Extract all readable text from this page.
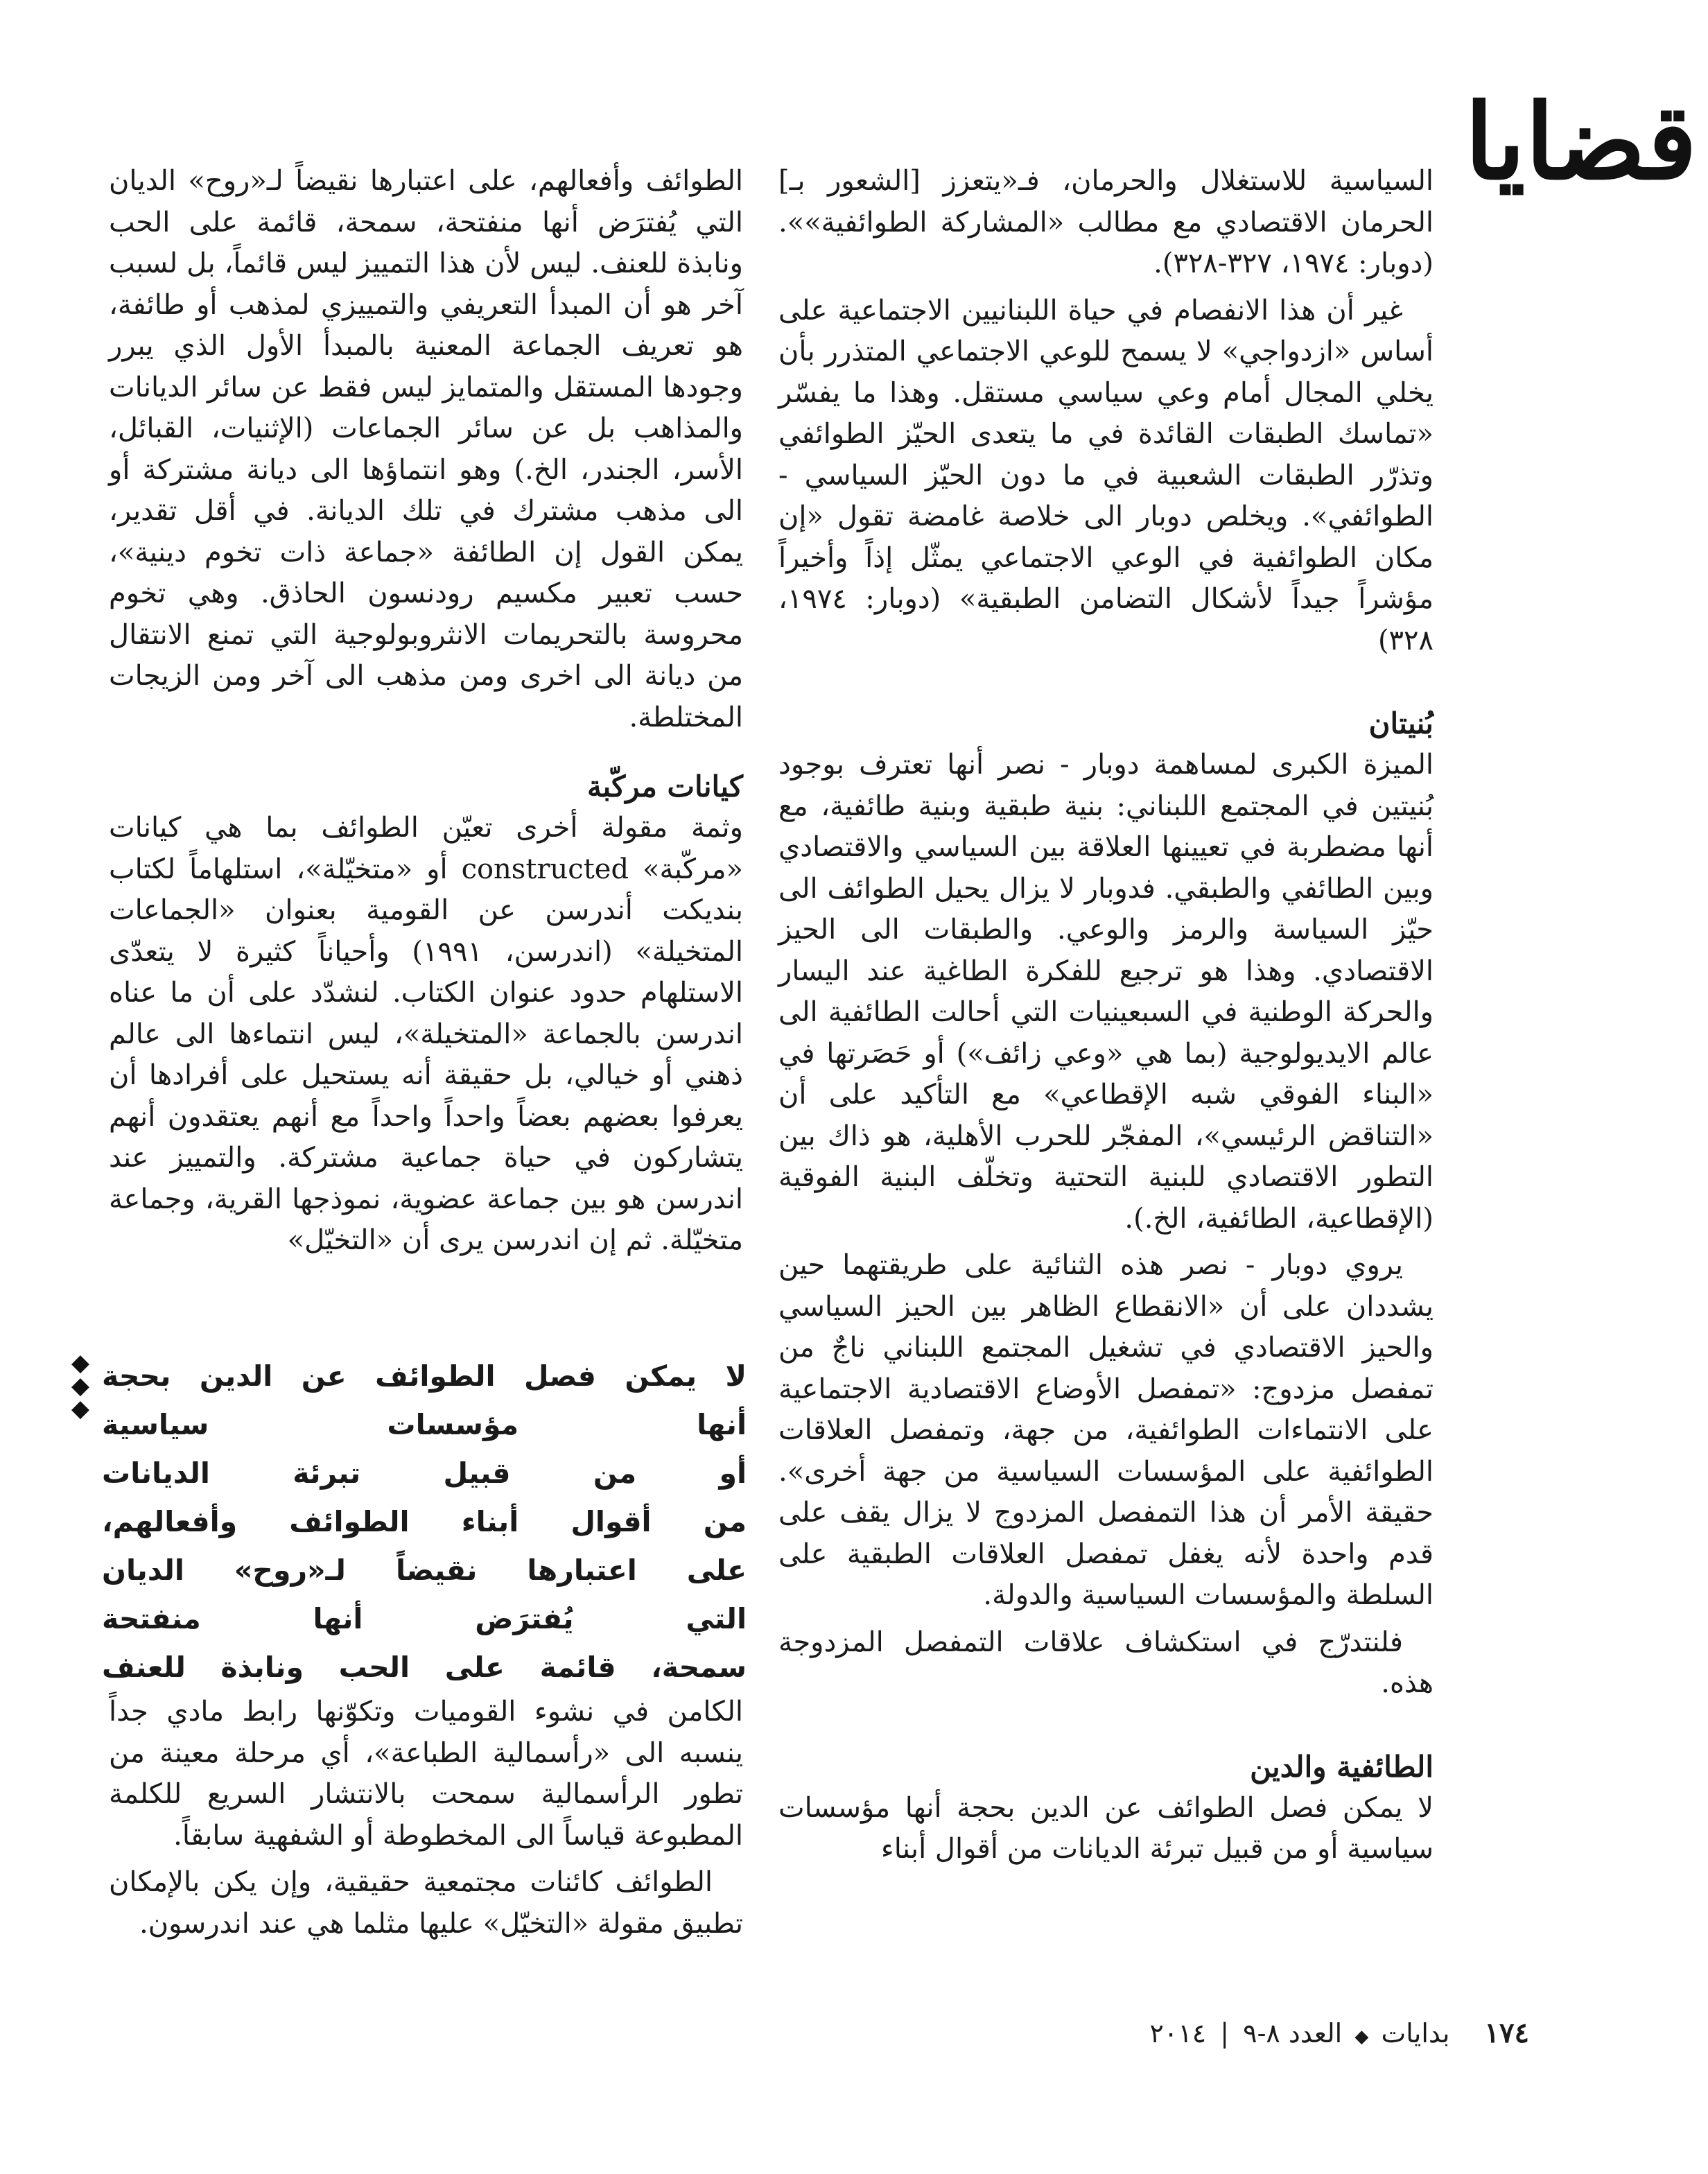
قضايا

السياسية للاستغلال والحرمان، فـ«يتعزز [الشعور بـ] الحرمان الاقتصادي مع مطالب «المشاركة الطوائفية»». (دوبار: ١٩٧٤، ٣٢٧-٣٢٨).

غير أن هذا الانفصام في حياة اللبنانيين الاجتماعية على أساس «ازدواجي» لا يسمح للوعي الاجتماعي المتذرر بأن يخلي المجال أمام وعي سياسي مستقل. وهذا ما يفسّر «تماسك الطبقات القائدة في ما يتعدى الحيّز الطوائفي وتذرّر الطبقات الشعبية في ما دون الحيّز السياسي - الطوائفي». ويخلص دوبار الى خلاصة غامضة تقول «إن مكان الطوائفية في الوعي الاجتماعي يمثّل إذاً وأخيراً مؤشراً جيداً لأشكال التضامن الطبقية» (دوبار: ١٩٧٤، ٣٢٨)

بُنيتان

الميزة الكبرى لمساهمة دوبار - نصر أنها تعترف بوجود بُنيتين في المجتمع اللبناني: بنية طبقية وبنية طائفية، مع أنها مضطربة في تعيينها العلاقة بين السياسي والاقتصادي وبين الطائفي والطبقي. فدوبار لا يزال يحيل الطوائف الى حيّز السياسة والرمز والوعي. والطبقات الى الحيز الاقتصادي. وهذا هو ترجيع للفكرة الطاغية عند اليسار والحركة الوطنية في السبعينيات التي أحالت الطائفية الى عالم الايديولوجية (بما هي «وعي زائف») أو حَصَرتها في «البناء الفوقي شبه الإقطاعي» مع التأكيد على أن «التناقض الرئيسي»، المفجّر للحرب الأهلية، هو ذاك بين التطور الاقتصادي للبنية التحتية وتخلّف البنية الفوقية (الإقطاعية، الطائفية، الخ.).

يروي دوبار - نصر هذه الثنائية على طريقتهما حين يشددان على أن «الانقطاع الظاهر بين الحيز السياسي والحيز الاقتصادي في تشغيل المجتمع اللبناني ناجٌ من تمفصل مزدوج: «تمفصل الأوضاع الاقتصادية الاجتماعية على الانتماءات الطوائفية، من جهة، وتمفصل العلاقات الطوائفية على المؤسسات السياسية من جهة أخرى». حقيقة الأمر أن هذا التمفصل المزدوج لا يزال يقف على قدم واحدة لأنه يغفل تمفصل العلاقات الطبقية على السلطة والمؤسسات السياسية والدولة.

فلنتدرّج في استكشاف علاقات التمفصل المزدوجة هذه.

الطائفية والدين

لا يمكن فصل الطوائف عن الدين بحجة أنها مؤسسات سياسية أو من قبيل تبرئة الديانات من أقوال أبناء

الطوائف وأفعالهم، على اعتبارها نقيضاً لـ«روح» الديان التي يُفترَض أنها منفتحة، سمحة، قائمة على الحب ونابذة للعنف. ليس لأن هذا التمييز ليس قائماً، بل لسبب آخر هو أن المبدأ التعريفي والتمييزي لمذهب أو طائفة، هو تعريف الجماعة المعنية بالمبدأ الأول الذي يبرر وجودها المستقل والمتمايز ليس فقط عن سائر الديانات والمذاهب بل عن سائر الجماعات (الإثنيات، القبائل، الأسر، الجندر، الخ.) وهو انتماؤها الى ديانة مشتركة أو الى مذهب مشترك في تلك الديانة. في أقل تقدير، يمكن القول إن الطائفة «جماعة ذات تخوم دينية»، حسب تعبير مكسيم رودنسون الحاذق. وهي تخوم محروسة بالتحريمات الانثروبولوجية التي تمنع الانتقال من ديانة الى اخرى ومن مذهب الى آخر ومن الزيجات المختلطة.

كيانات مركّبة

وثمة مقولة أخرى تعيّن الطوائف بما هي كيانات «مركّبة» constructed أو «متخيّلة»، استلهاماً لكتاب بنديكت أندرسن عن القومية بعنوان «الجماعات المتخيلة» (اندرسن، ١٩٩١) وأحياناً كثيرة لا يتعدّى الاستلهام حدود عنوان الكتاب. لنشدّد على أن ما عناه اندرسن بالجماعة «المتخيلة»، ليس انتماءها الى عالم ذهني أو خيالي، بل حقيقة أنه يستحيل على أفرادها أن يعرفوا بعضهم بعضاً واحداً واحداً مع أنهم يعتقدون أنهم يتشاركون في حياة جماعية مشتركة. والتمييز عند اندرسن هو بين جماعة عضوية، نموذجها القرية، وجماعة متخيّلة. ثم إن اندرسن يرى أن «التخيّل»

◆
◆
◆
لا يمكن فصل الطوائف عن الدين بحجة
أنها مؤسسات سياسية
أو من قبيل تبرئة الديانات
من أقوال أبناء الطوائف وأفعالهم،
على اعتبارها نقيضاً لـ«روح» الديان
التي يُفترَض أنها منفتحة
سمحة، قائمة على الحب ونابذة للعنف

الكامن في نشوء القوميات وتكوّنها رابط مادي جداً ينسبه الى «رأسمالية الطباعة»، أي مرحلة معينة من تطور الرأسمالية سمحت بالانتشار السريع للكلمة المطبوعة قياساً الى المخطوطة أو الشفهية سابقاً.

الطوائف كائنات مجتمعية حقيقية، وإن يكن بالإمكان تطبيق مقولة «التخيّل» عليها مثلما هي عند اندرسون.

١٧٤ بدايات ◆ العدد ٨-٩ | ٢٠١٤
